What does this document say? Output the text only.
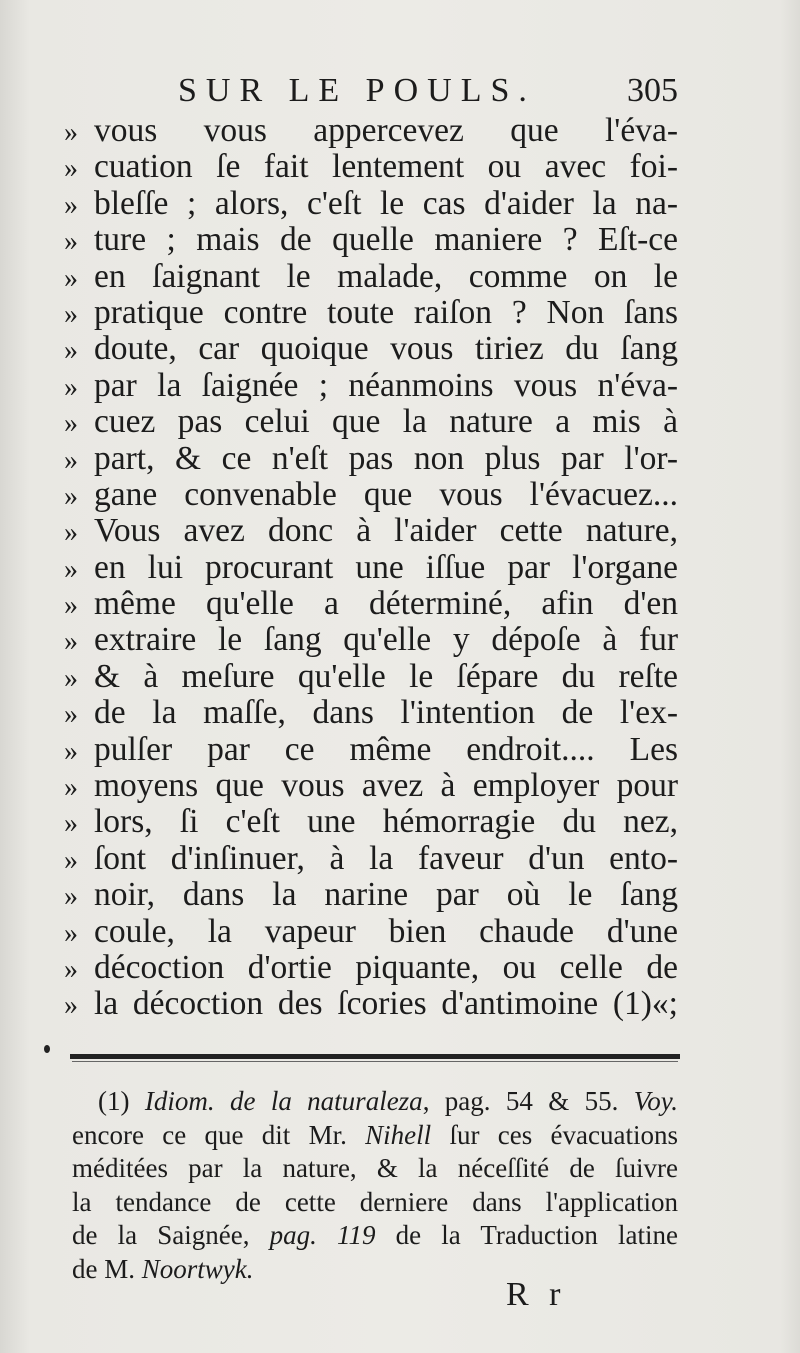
SUR LE POULS.	305
» vous vous appercevez que l'éva-
» cuation ſe fait lentement ou avec foi-
» bleſſe ; alors, c'eſt le cas d'aider la na-
» ture ; mais de quelle maniere ? Eſt-ce
» en ſaignant le malade, comme on le
» pratique contre toute raiſon ? Non ſans
» doute, car quoique vous tiriez du ſang
» par la ſaignée ; néanmoins vous n'éva-
» cuez pas celui que la nature a mis à
» part, & ce n'eſt pas non plus par l'or-
» gane convenable que vous l'évacuez...
» Vous avez donc à l'aider cette nature,
» en lui procurant une iſſue par l'organe
» même qu'elle a déterminé, afin d'en
» extraire le ſang qu'elle y dépoſe à fur
» & à meſure qu'elle le ſépare du reſte
» de la maſſe, dans l'intention de l'ex-
» pulſer par ce même endroit.... Les
» moyens que vous avez à employer pour
» lors, ſi c'eſt une hémorragie du nez,
» ſont d'inſinuer, à la faveur d'un ento-
» noir, dans la narine par où le ſang
» coule, la vapeur bien chaude d'une
» décoction d'ortie piquante, ou celle de
» la décoction des ſcories d'antimoine (1)«;
(1) Idiom. de la naturaleza, pag. 54 & 55. Voy.
encore ce que dit Mr. Nihell ſur ces évacuations
méditées par la nature, & la néceſſité de ſuivre
la tendance de cette derniere dans l'application
de la Saignée, pag. 119 de la Traduction latine
de M. Noortwyk.
R r
